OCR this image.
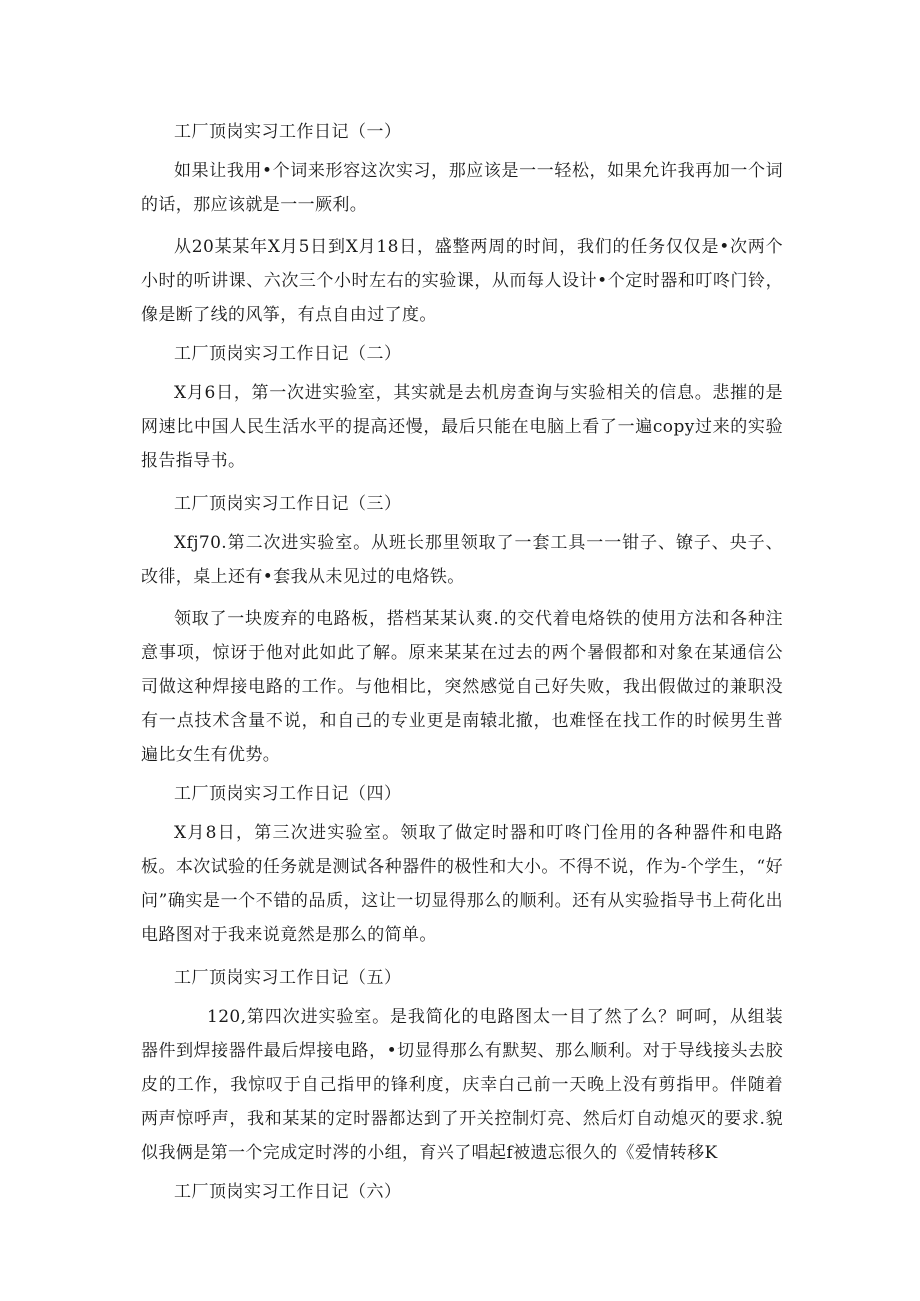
工厂顶岗实习工作日记（一）

如果让我用•个词来形容这次实习，那应该是一一轻松，如果允许我再加一个词的话，那应该就是一一厥利。

从20某某年X月5日到X月18日，盛整两周的时间，我们的任务仅仅是•次两个小时的听讲课、六次三个小时左右的实验课，从而每人设计•个定时器和叮咚门铃，像是断了线的风筝，有点自由过了度。

工厂顶岗实习工作日记（二）

X月6日，第一次进实验室，其实就是去机房查询与实验相关的信息。悲摧的是网速比中国人民生活水平的提高还慢，最后只能在电脑上看了一遍copy过来的实验报告指导书。

工厂顶岗实习工作日记（三）

Xfj70.第二次进实验室。从班长那里领取了一套工具一一钳子、镣子、央子、改徘，桌上还有•套我从未见过的电烙铁。

领取了一块废弃的电路板，搭档某某认爽.的交代着电烙铁的使用方法和各种注意事项，惊讶于他对此如此了解。原来某某在过去的两个暑假都和对象在某通信公司做这种焊接电路的工作。与他相比，突然感觉自己好失败，我出假做过的兼职没有一点技术含量不说，和自己的专业更是南辕北撤，也难怪在找工作的时候男生普遍比女生有优势。

工厂顶岗实习工作日记（四）

X月8日，第三次进实验室。领取了做定时器和叮咚门佺用的各种器件和电路板。本次试验的任务就是测试各种器件的极性和大小。不得不说，作为-个学生，“好问”确实是一个不错的品质，这让一切显得那么的顺利。还有从实验指导书上荷化出电路图对于我来说竟然是那么的简单。

工厂顶岗实习工作日记（五）

120,第四次进实验室。是我简化的电路图太一目了然了么？呵呵，从组装器件到焊接器件最后焊接电路，•切显得那么有默契、那么顺利。对于导线接头去胶皮的工作，我惊叹于自己指甲的锋利度，庆幸白己前一天晚上没有剪指甲。伴随着两声惊呼声，我和某某的定时器都达到了开关控制灯亮、然后灯自动熄灭的要求.貌似我俩是第一个完成定时涔的小组，育兴了唱起f被遗忘很久的《爱情转移K

工厂顶岗实习工作日记（六）
